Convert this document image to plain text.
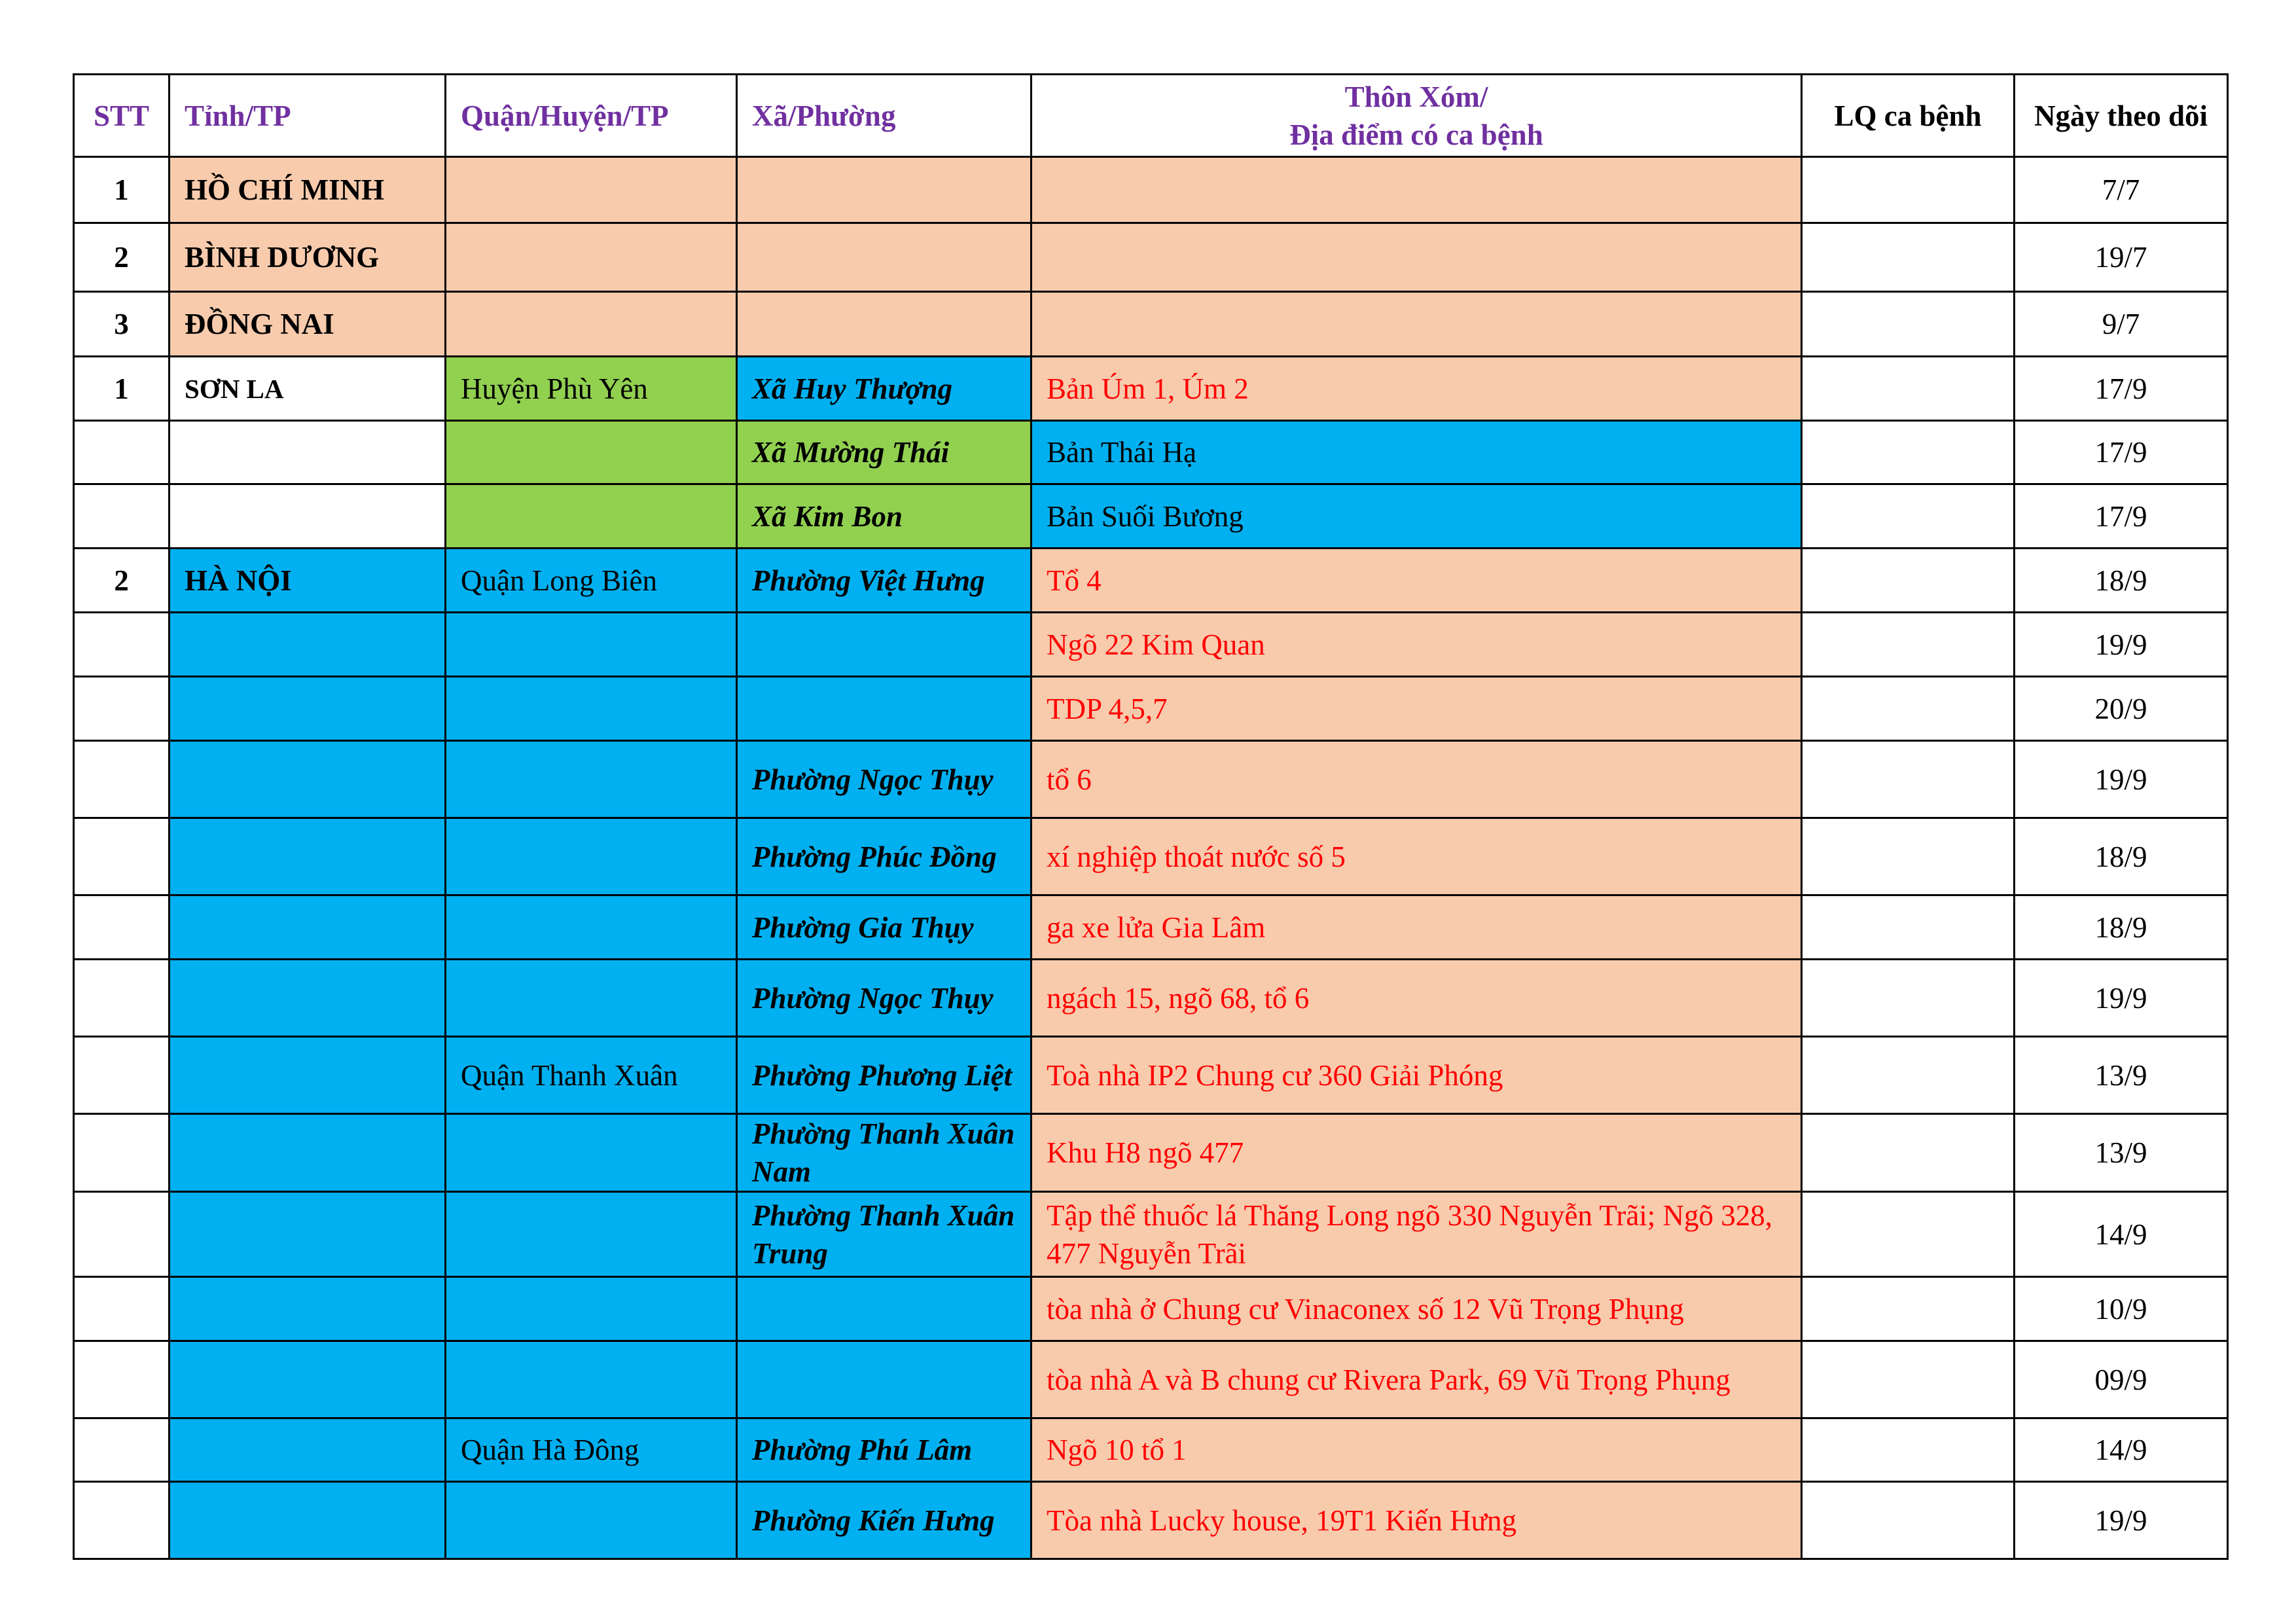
STT	Tỉnh/TP	Quận/Huyện/TP	Xã/Phường	Thôn Xóm/
Địa điểm có ca bệnh	LQ ca bệnh	Ngày theo dõi
1	HỒ CHÍ MINH					7/7
2	BÌNH DƯƠNG					19/7
3	ĐỒNG NAI					9/7
1	SƠN LA	Huyện Phù Yên	Xã Huy Thượng	Bản Úm 1, Úm 2		17/9
			Xã Mường Thái	Bản Thái Hạ		17/9
			Xã Kim Bon	Bản Suối Bương		17/9
2	HÀ NỘI	Quận Long Biên	Phường Việt Hưng	Tổ 4		18/9
				Ngõ 22 Kim Quan		19/9
				TDP 4,5,7		20/9
			Phường Ngọc Thụy	tổ 6		19/9
			Phường Phúc Đồng	xí nghiệp thoát nước số 5		18/9
			Phường Gia Thụy	ga xe lửa Gia Lâm		18/9
			Phường Ngọc Thụy	ngách 15, ngõ 68, tổ 6		19/9
		Quận Thanh Xuân	Phường Phương Liệt	Toà nhà IP2 Chung cư 360 Giải Phóng		13/9
			Phường Thanh Xuân Nam	Khu H8 ngõ 477		13/9
			Phường Thanh Xuân Trung	Tập thể thuốc lá Thăng Long ngõ 330 Nguyễn Trãi; Ngõ 328, 477 Nguyễn Trãi		14/9
				tòa nhà ở Chung cư Vinaconex số 12 Vũ Trọng Phụng		10/9
				tòa nhà A và B chung cư Rivera Park, 69 Vũ Trọng Phụng		09/9
		Quận Hà Đông	Phường Phú Lâm	Ngõ 10 tổ 1		14/9
			Phường Kiến Hưng	Tòa nhà Lucky house, 19T1 Kiến Hưng		19/9
